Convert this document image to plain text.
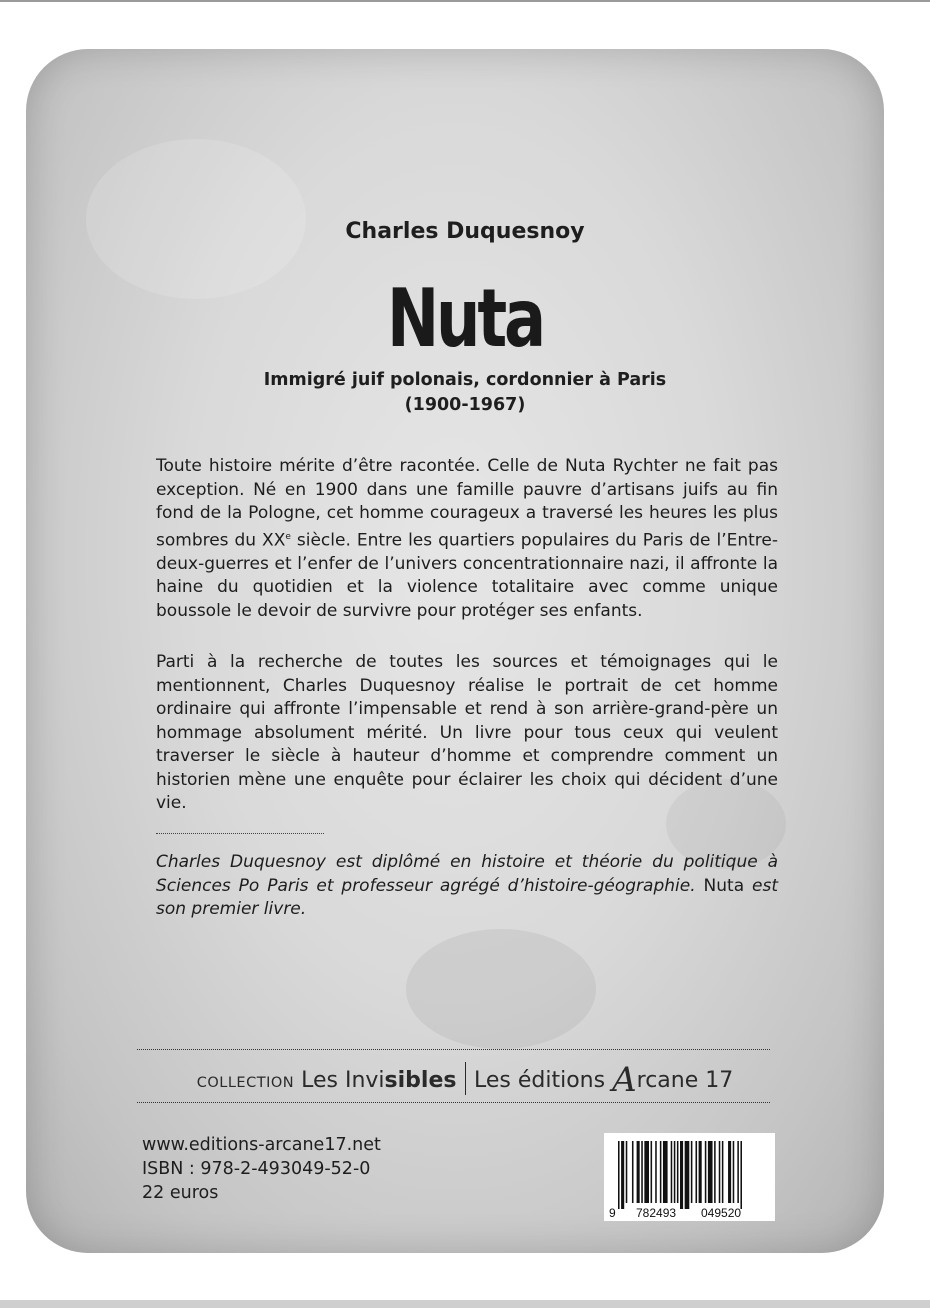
Charles Duquesnoy
Nuta
Immigré juif polonais, cordonnier à Paris
(1900-1967)

Toute histoire mérite d’être racontée. Celle de Nuta Rychter ne fait pas exception. Né en 1900 dans une famille pauvre d’artisans juifs au fin fond de la Pologne, cet homme courageux a traversé les heures les plus sombres du XXe siècle. Entre les quartiers populaires du Paris de l’Entre-deux-guerres et l’enfer de l’univers concentrationnaire nazi, il affronte la haine du quotidien et la violence totalitaire avec comme unique boussole le devoir de survivre pour protéger ses enfants.

Parti à la recherche de toutes les sources et témoignages qui le mentionnent, Charles Duquesnoy réalise le portrait de cet homme ordinaire qui affronte l’impensable et rend à son arrière-grand-père un hommage absolument mérité. Un livre pour tous ceux qui veulent traverser le siècle à hauteur d’homme et comprendre comment un historien mène une enquête pour éclairer les choix qui décident d’une vie.

Charles Duquesnoy est diplômé en histoire et théorie du politique à Sciences Po Paris et professeur agrégé d’histoire-géographie. Nuta est son premier livre.

COLLECTION Les Invisibles Les éditions Arcane 17
www.editions-arcane17.net
ISBN : 978-2-493049-52-0
22 euros
9 782493 049520
